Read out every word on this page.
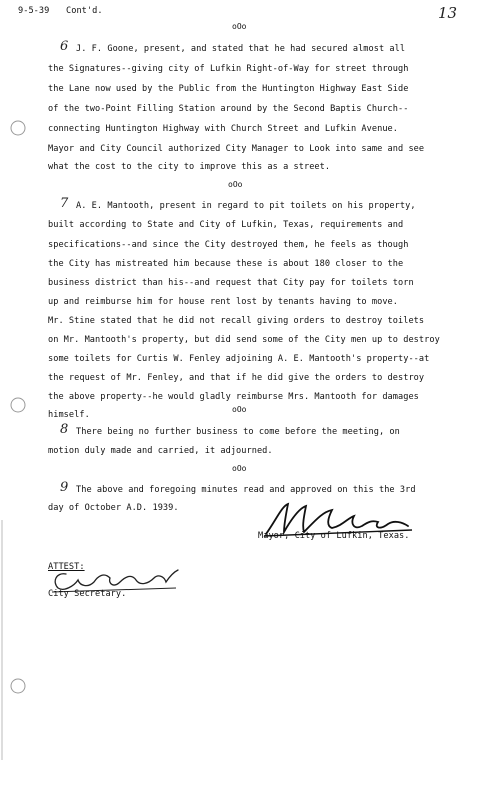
9-5-39 Cont'd.	13
oOo
6 J. F. Goone, present, and stated that he had secured almost all
the Signatures--giving city of Lufkin Right-of-Way for street through
the Lane now used by the Public from the Huntington Highway East Side
of the two-Point Filling Station around by the Second Baptis Church--
connecting Huntington Highway with Church Street and Lufkin Avenue.
Mayor and City Council authorized City Manager to Look into same and see
what the cost to the city to improve this as a street.
oOo
7 A. E. Mantooth, present in regard to pit toilets on his property,
built according to State and City of Lufkin, Texas, requirements and
specifications--and since the City destroyed them, he feels as though
the City has mistreated him because these is about 180 closer to the
business district than his--and request that City pay for toilets torn
up and reimburse him for house rent lost by tenants having to move.
Mr. Stine stated that he did not recall giving orders to destroy toilets
on Mr. Mantooth's property, but did send some of the City men up to destroy
some toilets for Curtis W. Fenley adjoining A. E. Mantooth's property--at
the request of Mr. Fenley, and that if he did give the orders to destroy
the above property--he would gladly reimburse Mrs. Mantooth for damages
himself.
oOo
8 There being no further business to come before the meeting, on
motion duly made and carried, it adjourned.
oOo
9 The above and foregoing minutes read and approved on this the 3rd
day of October A.D. 1939.
M. Glenn
Mayor, City of Lufkin, Texas.
ATTEST:
City Secretary.
